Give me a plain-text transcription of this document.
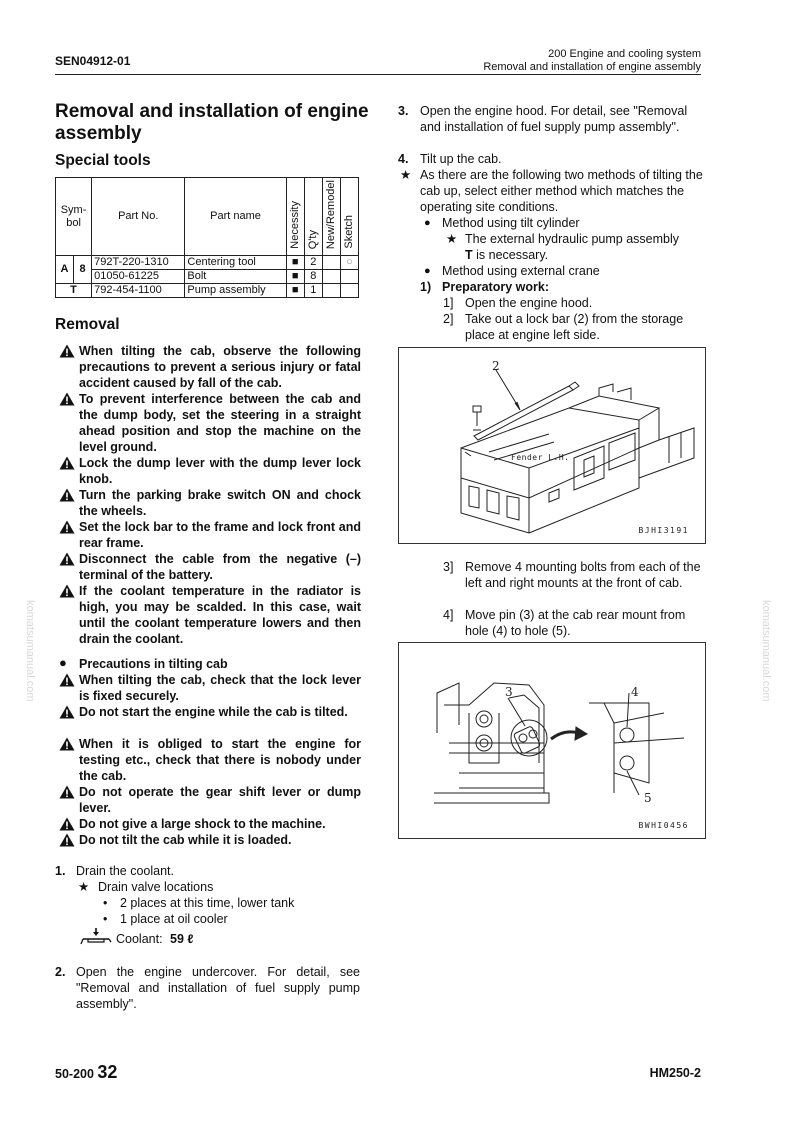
SEN04912-01	200 Engine and cooling system
Removal and installation of engine assembly
komatsumanual.com	komatsumanual.com
Removal and installation of engine assembly
Special tools
Sym-bol		Part No.	Part name	Necessity	Q'ty	New/Remodel	Sketch
A	8	792T-220-1310	Centering tool	■	2		○
		01050-61225	Bolt	■	8		
T		792-454-1100	Pump assembly	■	1		
Removal
When tilting the cab, observe the following precautions to prevent a serious injury or fatal accident caused by fall of the cab.
To prevent interference between the cab and the dump body, set the steering in a straight ahead position and stop the machine on the level ground.
Lock the dump lever with the dump lever lock knob.
Turn the parking brake switch ON and chock the wheels.
Set the lock bar to the frame and lock front and rear frame.
Disconnect the cable from the negative (–) terminal of the battery.
If the coolant temperature in the radiator is high, you may be scalded. In this case, wait until the coolant temperature lowers and then drain the coolant.
● Precautions in tilting cab
When tilting the cab, check that the lock lever is fixed securely.
Do not start the engine while the cab is tilted.
When it is obliged to start the engine for testing etc., check that there is nobody under the cab.
Do not operate the gear shift lever or dump lever.
Do not give a large shock to the machine.
Do not tilt the cab while it is loaded.
1. Drain the coolant.
★ Drain valve locations
• 2 places at this time, lower tank
• 1 place at oil cooler
Coolant: 59 ℓ
2. Open the engine undercover. For detail, see "Removal and installation of fuel supply pump assembly".
3. Open the engine hood. For detail, see "Removal and installation of fuel supply pump assembly".
4. Tilt up the cab.
★ As there are the following two methods of tilting the cab up, select either method which matches the operating site conditions.
● Method using tilt cylinder
★ The external hydraulic pump assembly
T is necessary.
● Method using external crane
1) Preparatory work:
1] Open the engine hood.
2] Take out a lock bar (2) from the storage place at engine left side.
2
Fender L.H.
BJHI3191
3] Remove 4 mounting bolts from each of the left and right mounts at the front of cab.
4] Move pin (3) at the cab rear mount from hole (4) to hole (5).
3	4
5
BWHI0456
50-200 32	HM250-2
